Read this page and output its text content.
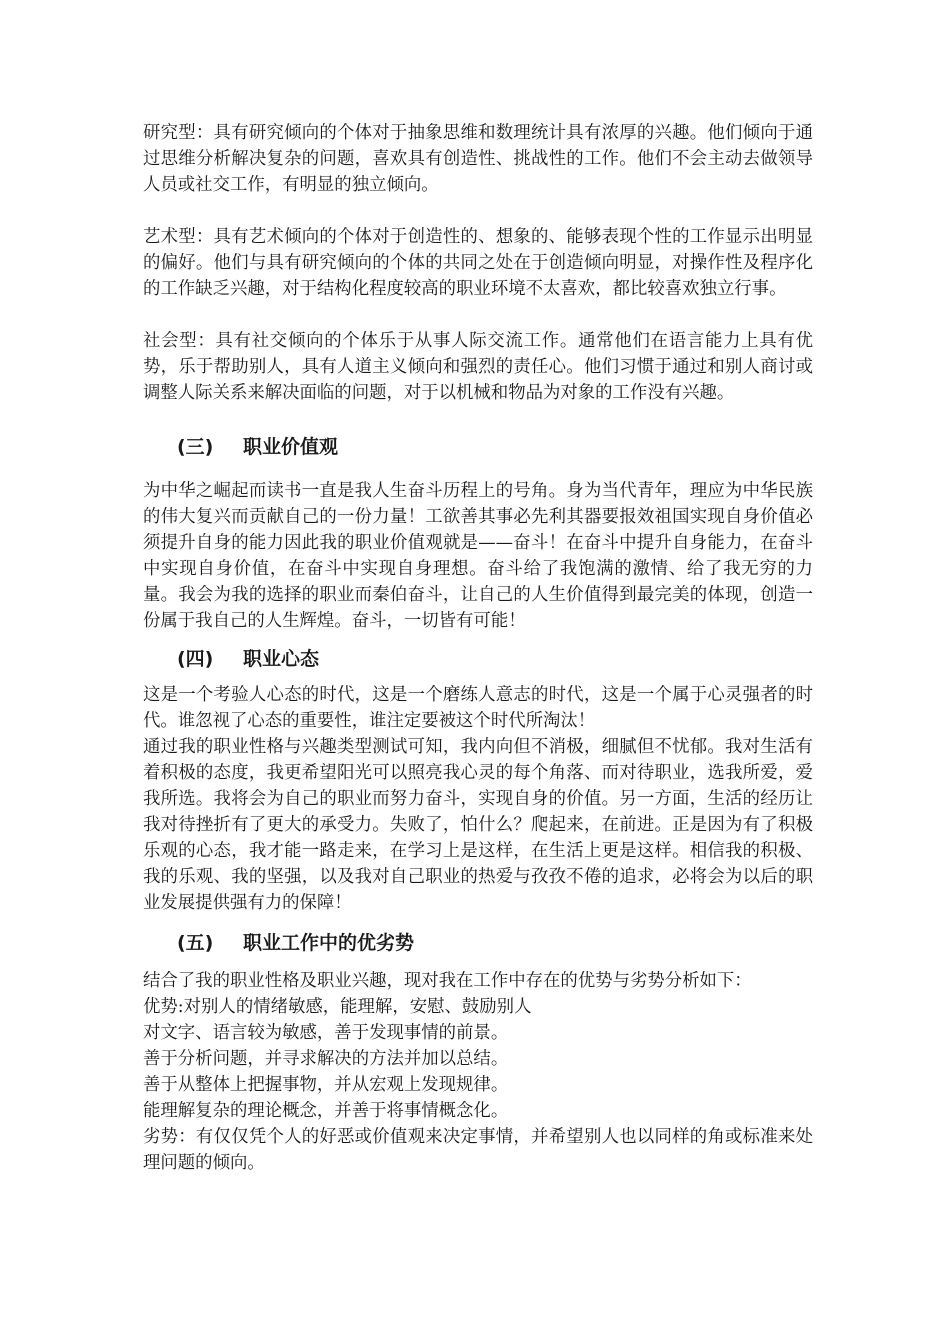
研究型：具有研究倾向的个体对于抽象思维和数理统计具有浓厚的兴趣。他们倾向于通过思维分析解决复杂的问题，喜欢具有创造性、挑战性的工作。他们不会主动去做领导人员或社交工作，有明显的独立倾向。

艺术型：具有艺术倾向的个体对于创造性的、想象的、能够表现个性的工作显示出明显的偏好。他们与具有研究倾向的个体的共同之处在于创造倾向明显，对操作性及程序化的工作缺乏兴趣，对于结构化程度较高的职业环境不太喜欢，都比较喜欢独立行事。

社会型：具有社交倾向的个体乐于从事人际交流工作。通常他们在语言能力上具有优势，乐于帮助别人，具有人道主义倾向和强烈的责任心。他们习惯于通过和别人商讨或调整人际关系来解决面临的问题，对于以机械和物品为对象的工作没有兴趣。

(三)	职业价值观

为中华之崛起而读书一直是我人生奋斗历程上的号角。身为当代青年，理应为中华民族的伟大复兴而贡献自己的一份力量！工欲善其事必先利其器要报效祖国实现自身价值必须提升自身的能力因此我的职业价值观就是——奋斗！在奋斗中提升自身能力，在奋斗中实现自身价值，在奋斗中实现自身理想。奋斗给了我饱满的激情、给了我无穷的力量。我会为我的选择的职业而秦伯奋斗，让自己的人生价值得到最完美的体现，创造一份属于我自己的人生辉煌。奋斗，一切皆有可能！

(四)	职业心态

这是一个考验人心态的时代，这是一个磨练人意志的时代，这是一个属于心灵强者的时代。谁忽视了心态的重要性，谁注定要被这个时代所淘汰！

通过我的职业性格与兴趣类型测试可知，我内向但不消极，细腻但不忧郁。我对生活有着积极的态度，我更希望阳光可以照亮我心灵的每个角落、而对待职业，选我所爱，爱我所选。我将会为自己的职业而努力奋斗，实现自身的价值。另一方面，生活的经历让我对待挫折有了更大的承受力。失败了，怕什么？爬起来，在前进。正是因为有了积极乐观的心态，我才能一路走来，在学习上是这样，在生活上更是这样。相信我的积极、我的乐观、我的坚强，以及我对自己职业的热爱与孜孜不倦的追求，必将会为以后的职业发展提供强有力的保障！

(五)	职业工作中的优劣势

结合了我的职业性格及职业兴趣，现对我在工作中存在的优势与劣势分析如下：

优势:对别人的情绪敏感，能理解，安慰、鼓励别人

对文字、语言较为敏感，善于发现事情的前景。

善于分析问题，并寻求解决的方法并加以总结。

善于从整体上把握事物，并从宏观上发现规律。

能理解复杂的理论概念，并善于将事情概念化。

劣势：有仅仅凭个人的好恶或价值观来决定事情，并希望别人也以同样的角或标准来处理问题的倾向。
